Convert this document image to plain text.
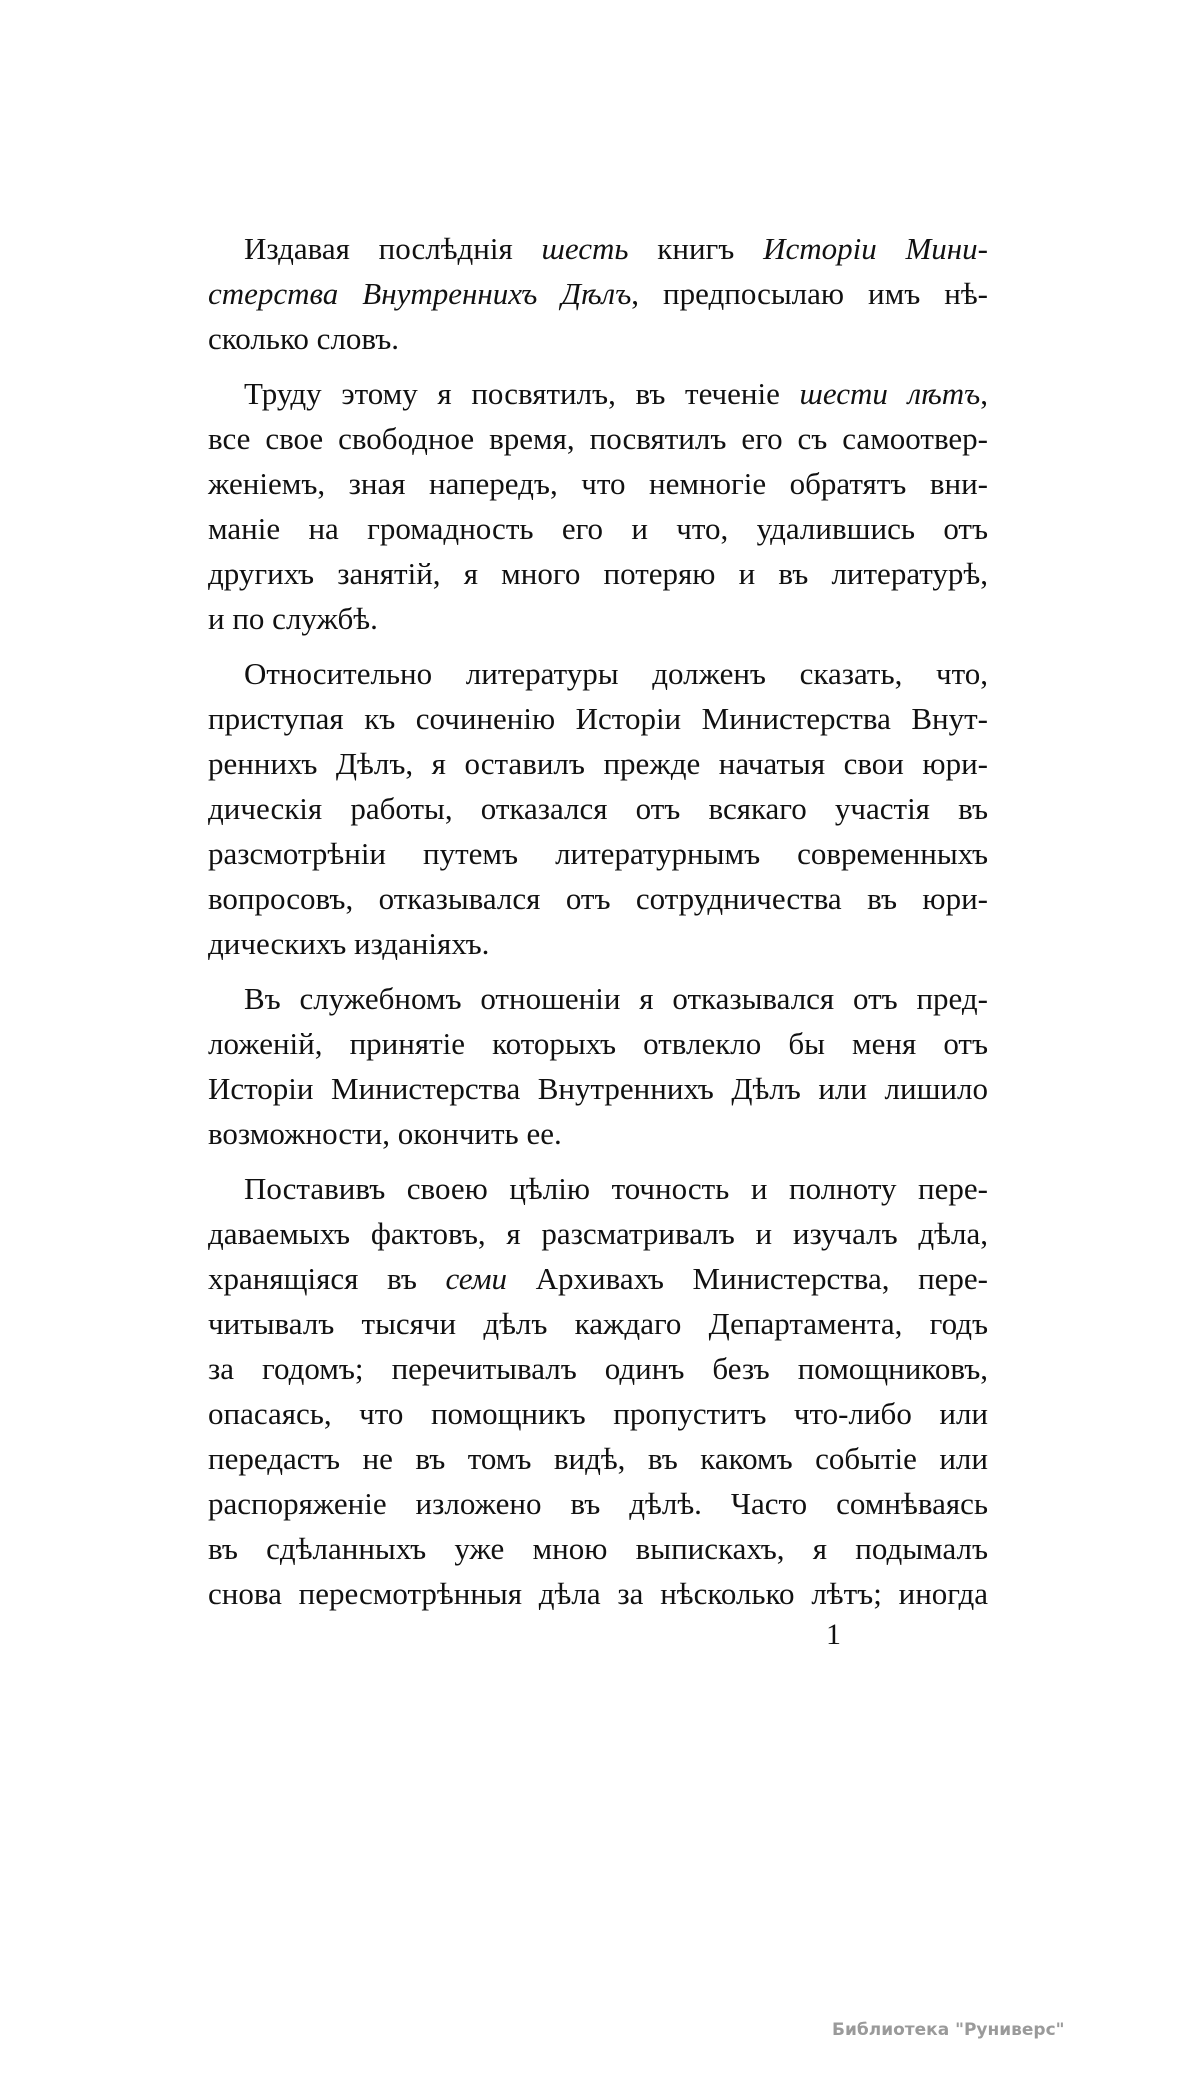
Издавая послѣднія шесть книгъ Исторіи Мини-
стерства Внутреннихъ Дѣлъ, предпосылаю имъ нѣ-
сколько словъ.
Труду этому я посвятилъ, въ теченіе шести лѣтъ,
все свое свободное время, посвятилъ его съ самоотвер-
женіемъ, зная напередъ, что немногіе обратятъ вни-
маніе на громадность его и что, удалившись отъ
другихъ занятій, я много потеряю и въ литературѣ,
и по службѣ.
Относительно литературы долженъ сказать, что,
приступая къ сочиненію Исторіи Министерства Внут-
реннихъ Дѣлъ, я оставилъ прежде начатыя свои юри-
дическія работы, отказался отъ всякаго участія въ
разсмотрѣніи путемъ литературнымъ современныхъ
вопросовъ, отказывался отъ сотрудничества въ юри-
дическихъ изданіяхъ.
Въ служебномъ отношеніи я отказывался отъ пред-
ложеній, принятіе которыхъ отвлекло бы меня отъ
Исторіи Министерства Внутреннихъ Дѣлъ или лишило
возможности, окончить ее.
Поставивъ своею цѣлію точность и полноту пере-
даваемыхъ фактовъ, я разсматривалъ и изучалъ дѣла,
хранящіяся въ семи Архивахъ Министерства, пере-
читывалъ тысячи дѣлъ каждаго Департамента, годъ
за годомъ; перечитывалъ одинъ безъ помощниковъ,
опасаясь, что помощникъ пропуститъ что-либо или
передастъ не въ томъ видѣ, въ какомъ событіе или
распоряженіе изложено въ дѣлѣ. Часто сомнѣваясь
въ сдѣланныхъ уже мною выпискахъ, я подымалъ
снова пересмотрѣнныя дѣла за нѣсколько лѣтъ; иногда
1
Библиотека "Руниверс"
